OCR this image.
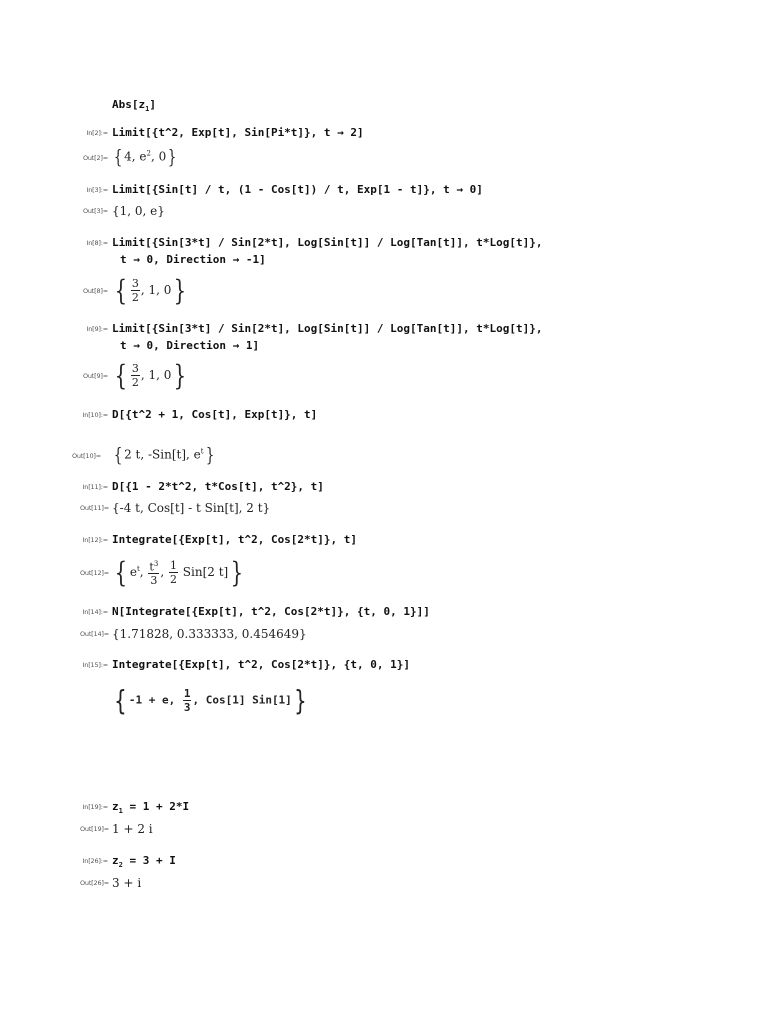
$Abs[z_1]$
In[2]:= Limit[{t^2, Exp[t], Sin[Pi*t]}, t → 2]
Out[2]= { 4, $e^2$, 0}
In[3]:= Limit[{Sin[t] / t, (1 - Cos[t]) / t, Exp[1 - t]}, t → 0]
Out[3]= {1, 0, e}
In[8]:= Limit[{Sin[3*t] / Sin[2*t], Log[Sin[t]] / Log[Tan[t]], t*Log[t]},
t → 0, Direction → -1]
Out[8]= { $\frac{3}{2}$ , 1, 0}
In[9]:= Limit[{Sin[3*t] / Sin[2*t], Log[Sin[t]] / Log[Tan[t]], t*Log[t]},
t → 0, Direction → 1]
Out[9]= { $\frac{3}{2}$ , 1, 0}
In[10]:= D[{t^2 + 1, Cos[t], Exp[t]}, t]
Out[10]= { 2 t, -Sin[t], $e^t$}
In[11]:= D[{1 - 2*t^2, t*Cos[t], t^2}, t]
Out[11]= {-4 t, Cos[t] - t Sin[t], 2 t}
In[12]:= Integrate[{Exp[t], t^2, Cos[2*t]}, t]
Out[12]= { $e^t$, $\frac{t^3}{3}$ , $\frac{1}{2} Sin[2$ t]}
In[14]:= N[Integrate[{Exp[t], t^2, Cos[2*t]}, {t, 0, 1}]]
Out[14]= {1.71828, 0.333333, 0.454649}
In[15]:= Integrate[{Exp[t], t^2, Cos[2*t]}, {t, 0, 1}]
{ -1 + e, $\frac{1}{3}$ , Cos[1] Sin[1]}
In[19]:= $z_1 = 1 + 2*I$
Out[19]= 1 + 2 i
In[26]:= $z_2 = 3 + I$
Out[26]= 3 + i
